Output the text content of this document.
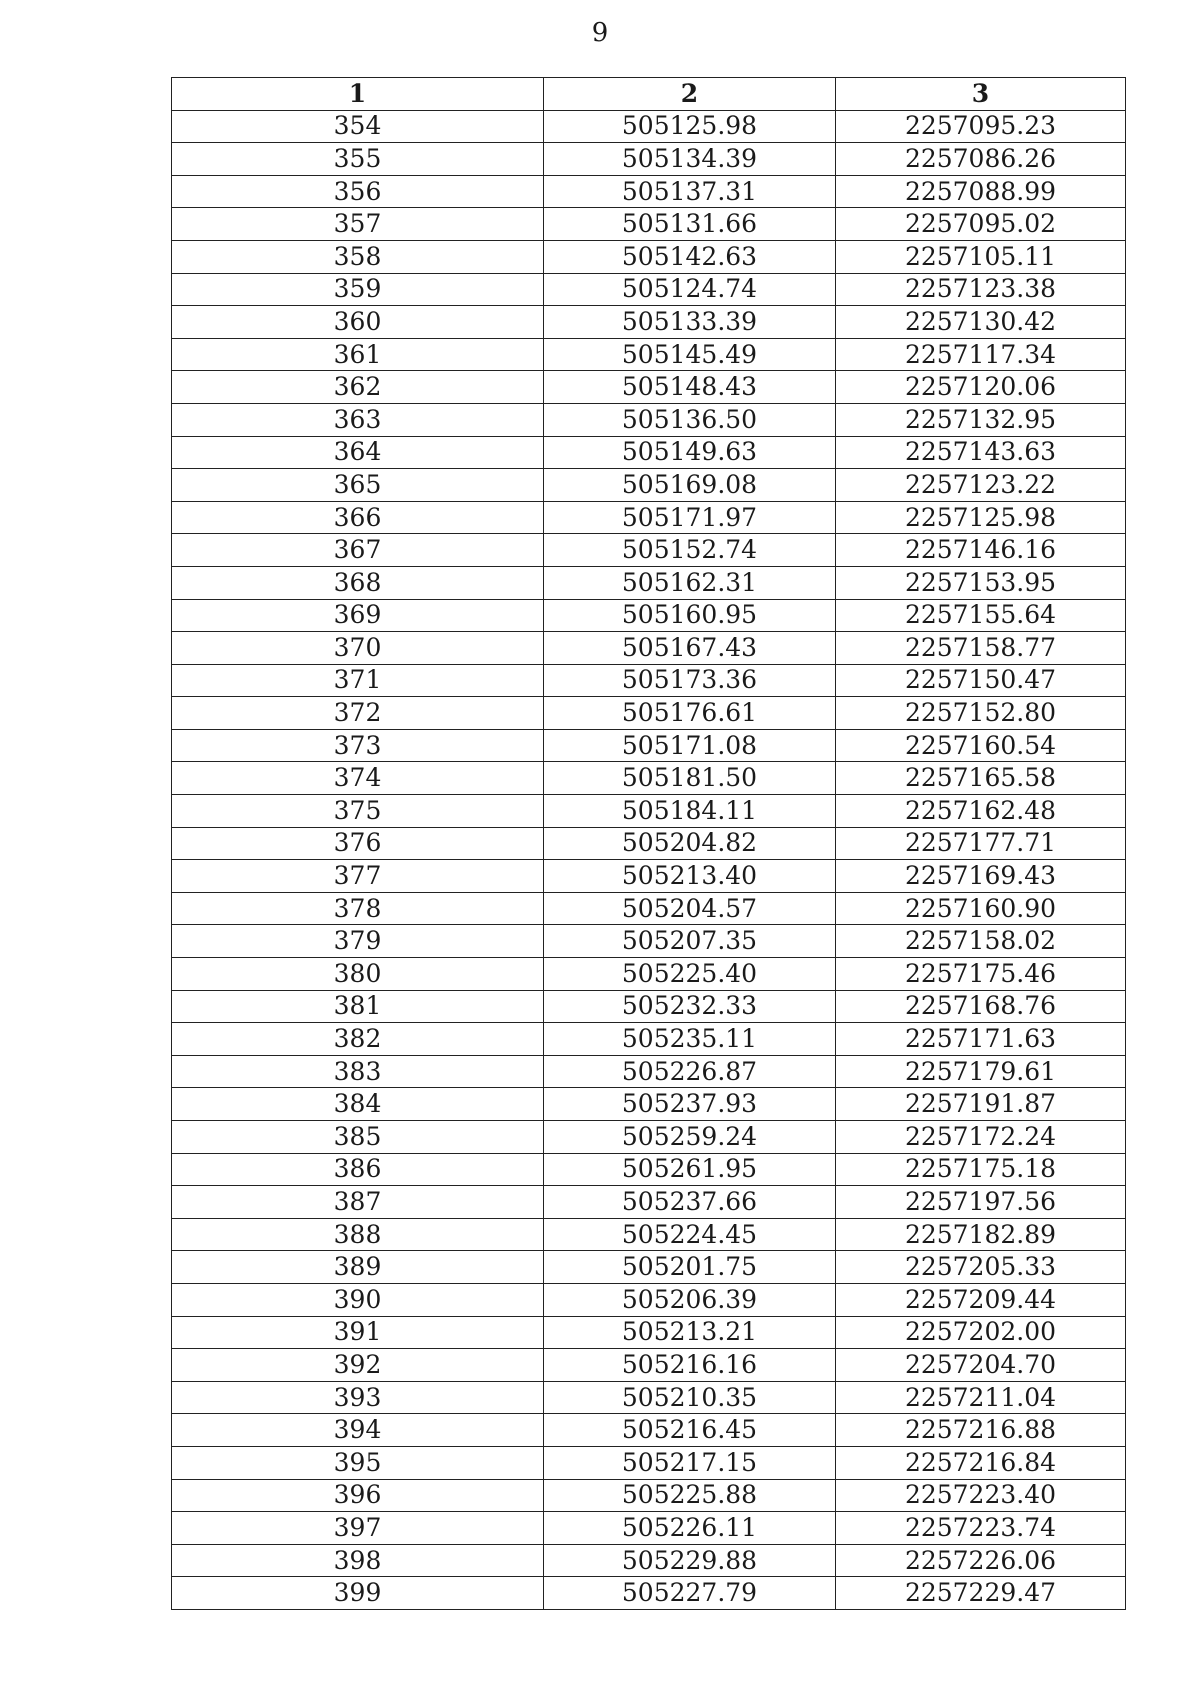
9
1	2	3
354	505125.98	2257095.23
355	505134.39	2257086.26
356	505137.31	2257088.99
357	505131.66	2257095.02
358	505142.63	2257105.11
359	505124.74	2257123.38
360	505133.39	2257130.42
361	505145.49	2257117.34
362	505148.43	2257120.06
363	505136.50	2257132.95
364	505149.63	2257143.63
365	505169.08	2257123.22
366	505171.97	2257125.98
367	505152.74	2257146.16
368	505162.31	2257153.95
369	505160.95	2257155.64
370	505167.43	2257158.77
371	505173.36	2257150.47
372	505176.61	2257152.80
373	505171.08	2257160.54
374	505181.50	2257165.58
375	505184.11	2257162.48
376	505204.82	2257177.71
377	505213.40	2257169.43
378	505204.57	2257160.90
379	505207.35	2257158.02
380	505225.40	2257175.46
381	505232.33	2257168.76
382	505235.11	2257171.63
383	505226.87	2257179.61
384	505237.93	2257191.87
385	505259.24	2257172.24
386	505261.95	2257175.18
387	505237.66	2257197.56
388	505224.45	2257182.89
389	505201.75	2257205.33
390	505206.39	2257209.44
391	505213.21	2257202.00
392	505216.16	2257204.70
393	505210.35	2257211.04
394	505216.45	2257216.88
395	505217.15	2257216.84
396	505225.88	2257223.40
397	505226.11	2257223.74
398	505229.88	2257226.06
399	505227.79	2257229.47
